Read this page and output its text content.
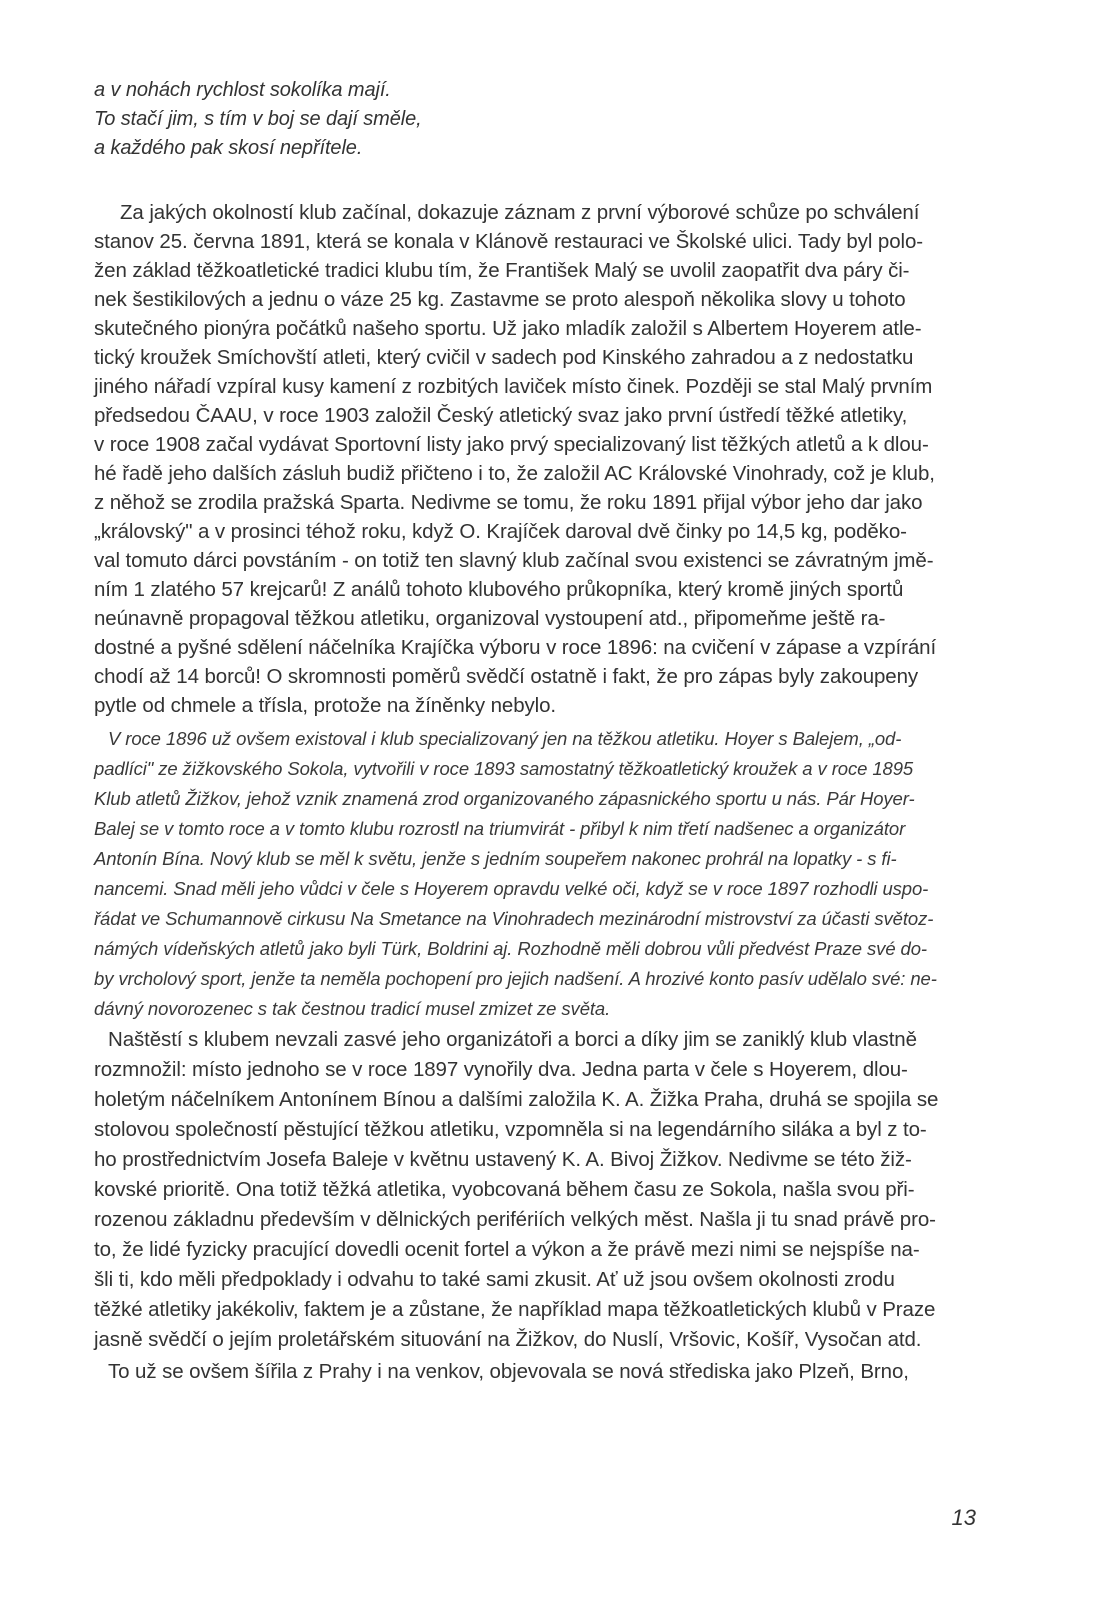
a v nohách rychlost sokolíka mají.
To stačí jim, s tím v boj se dají směle,
a každého pak skosí nepřítele.
Za jakých okolností klub začínal, dokazuje záznam z první výborové schůze po schválení
stanov 25. června 1891, která se konala v Klánově restauraci ve Školské ulici. Tady byl polo-
žen základ těžkoatletické tradici klubu tím, že František Malý se uvolil zaopatřit dva páry či-
nek šestikilových a jednu o váze 25 kg. Zastavme se proto alespoň několika slovy u tohoto
skutečného pionýra počátků našeho sportu. Už jako mladík založil s Albertem Hoyerem atle-
tický kroužek Smíchovští atleti, který cvičil v sadech pod Kinského zahradou a z nedostatku
jiného nářadí vzpíral kusy kamení z rozbitých laviček místo činek. Později se stal Malý prvním
předsedou ČAAU, v roce 1903 založil Český atletický svaz jako první ústředí těžké atletiky,
v roce 1908 začal vydávat Sportovní listy jako prvý specializovaný list těžkých atletů a k dlou-
hé řadě jeho dalších zásluh budiž přičteno i to, že založil AC Královské Vinohrady, což je klub,
z něhož se zrodila pražská Sparta. Nedivme se tomu, že roku 1891 přijal výbor jeho dar jako
„královský" a v prosinci téhož roku, když O. Krajíček daroval dvě činky po 14,5 kg, poděko-
val tomuto dárci povstáním - on totiž ten slavný klub začínal svou existenci se závratným jmě-
ním 1 zlatého 57 krejcarů! Z análů tohoto klubového průkopníka, který kromě jiných sportů
neúnavně propagoval těžkou atletiku, organizoval vystoupení atd., připomeňme ještě ra-
dostné a pyšné sdělení náčelníka Krajíčka výboru v roce 1896: na cvičení v zápase a vzpírání
chodí až 14 borců! O skromnosti poměrů svědčí ostatně i fakt, že pro zápas byly zakoupeny
pytle od chmele a třísla, protože na žíněnky nebylo.
V roce 1896 už ovšem existoval i klub specializovaný jen na těžkou atletiku. Hoyer s Balejem, „od-
padlíci" ze žižkovského Sokola, vytvořili v roce 1893 samostatný těžkoatletický kroužek a v roce 1895
Klub atletů Žižkov, jehož vznik znamená zrod organizovaného zápasnického sportu u nás. Pár Hoyer-
Balej se v tomto roce a v tomto klubu rozrostl na triumvirát - přibyl k nim třetí nadšenec a organizátor
Antonín Bína. Nový klub se měl k světu, jenže s jedním soupeřem nakonec prohrál na lopatky - s fi-
nancemi. Snad měli jeho vůdci v čele s Hoyerem opravdu velké oči, když se v roce 1897 rozhodli uspo-
řádat ve Schumannově cirkusu Na Smetance na Vinohradech mezinárodní mistrovství za účasti světoz-
námých vídeňských atletů jako byli Türk, Boldrini aj. Rozhodně měli dobrou vůli předvést Praze své do-
by vrcholový sport, jenže ta neměla pochopení pro jejich nadšení. A hrozivé konto pasív udělalo své: ne-
dávný novorozenec s tak čestnou tradicí musel zmizet ze světa.
Naštěstí s klubem nevzali zasvé jeho organizátoři a borci a díky jim se zaniklý klub vlastně
rozmnožil: místo jednoho se v roce 1897 vynořily dva. Jedna parta v čele s Hoyerem, dlou-
holetým náčelníkem Antonínem Bínou a dalšími založila K. A. Žižka Praha, druhá se spojila se
stolovou společností pěstující těžkou atletiku, vzpomněla si na legendárního siláka a byl z to-
ho prostřednictvím Josefa Baleje v květnu ustavený K. A. Bivoj Žižkov. Nedivme se této žiž-
kovské prioritě. Ona totiž těžká atletika, vyobcovaná během času ze Sokola, našla svou při-
rozenou základnu především v dělnických perifériích velkých měst. Našla ji tu snad právě pro-
to, že lidé fyzicky pracující dovedli ocenit fortel a výkon a že právě mezi nimi se nejspíše na-
šli ti, kdo měli předpoklady i odvahu to také sami zkusit. Ať už jsou ovšem okolnosti zrodu
těžké atletiky jakékoliv, faktem je a zůstane, že například mapa těžkoatletických klubů v Praze
jasně svědčí o jejím proletářském situování na Žižkov, do Nuslí, Vršovic, Košíř, Vysočan atd.
To už se ovšem šířila z Prahy i na venkov, objevovala se nová střediska jako Plzeň, Brno,
13
